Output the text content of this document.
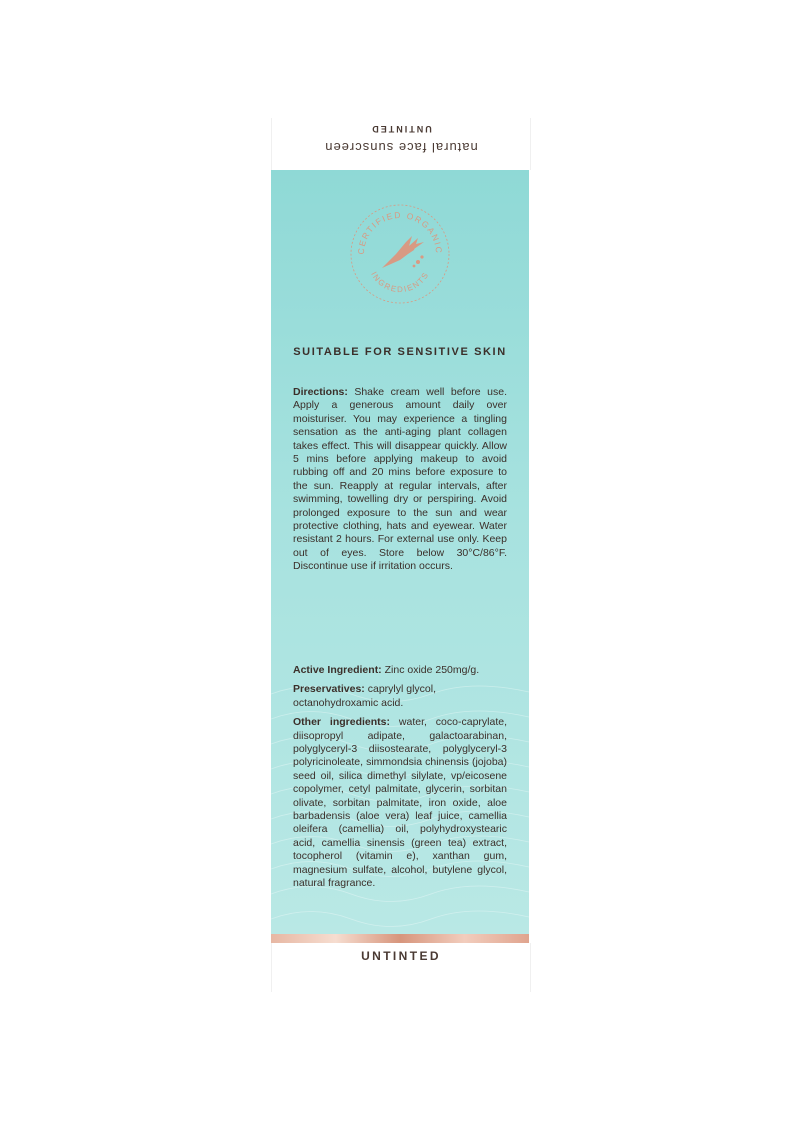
UNTINTED
natural face sunscreen
CERTIFIED ORGANIC
INGREDIENTS
SUITABLE FOR SENSITIVE SKIN
Directions: Shake cream well before use. Apply a generous amount daily over moisturiser. You may experience a tingling sensation as the anti-aging plant collagen takes effect. This will disappear quickly. Allow 5 mins before applying makeup to avoid rubbing off and 20 mins before exposure to the sun. Reapply at regular intervals, after swimming, towelling dry or perspiring. Avoid prolonged exposure to the sun and wear protective clothing, hats and eyewear. Water resistant 2 hours. For external use only. Keep out of eyes. Store below 30°C/86°F. Discontinue use if irritation occurs.

Active Ingredient: Zinc oxide 250mg/g.

Preservatives: caprylyl glycol, octanohydroxamic acid.

Other ingredients: water, coco-caprylate, diisopropyl adipate, galactoarabinan, polyglyceryl-3 diisostearate, polyglyceryl-3 polyricinoleate, simmondsia chinensis (jojoba) seed oil, silica dimethyl silylate, vp/eicosene copolymer, cetyl palmitate, glycerin, sorbitan olivate, sorbitan palmitate, iron oxide, aloe barbadensis (aloe vera) leaf juice, camellia oleifera (camellia) oil, polyhydroxystearic acid, camellia sinensis (green tea) extract, tocopherol (vitamin e), xanthan gum, magnesium sulfate, alcohol, butylene glycol, natural fragrance.

UNTINTED
